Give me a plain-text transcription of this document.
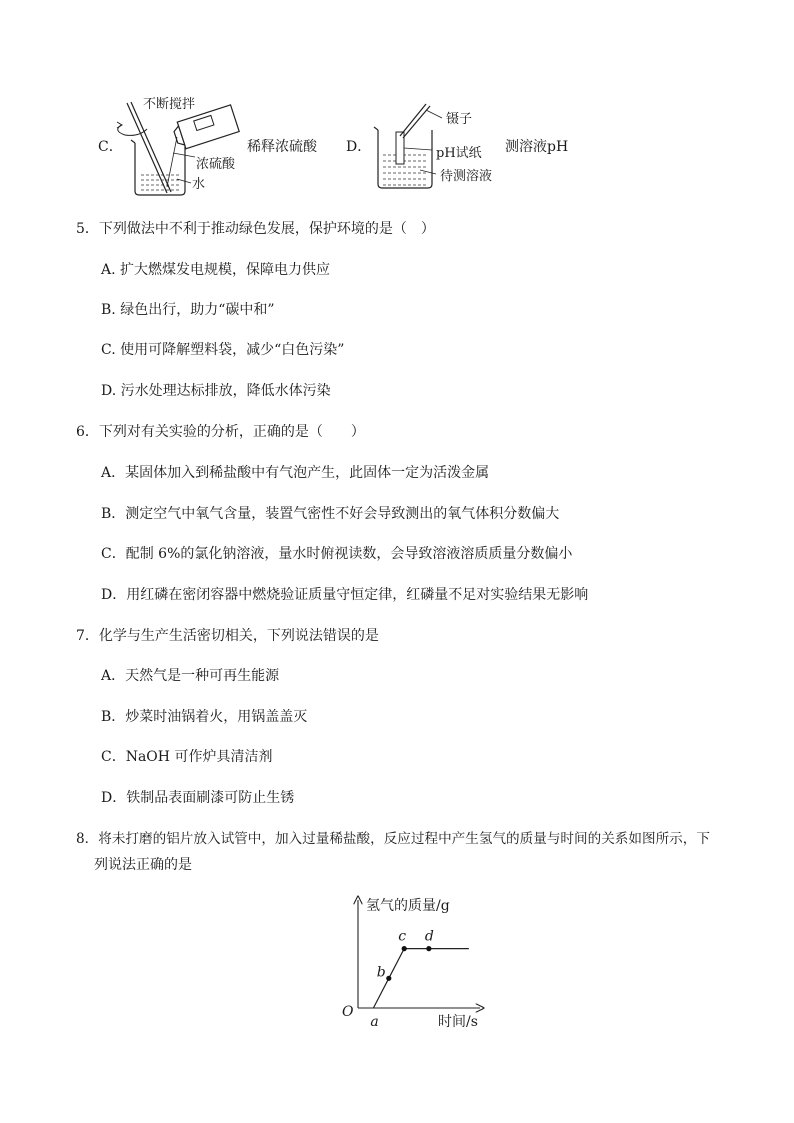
C．
不断搅拌
浓硫酸
水
稀释浓硫酸 D．
镊子
pH试纸
待测溶液
测溶液pH
5．下列做法中不利于推动绿色发展，保护环境的是（　）
A. 扩大燃煤发电规模，保障电力供应
B. 绿色出行，助力“碳中和”
C. 使用可降解塑料袋，减少“白色污染”
D. 污水处理达标排放，降低水体污染
6．下列对有关实验的分析，正确的是（　　）
A．某固体加入到稀盐酸中有气泡产生，此固体一定为活泼金属
B．测定空气中氧气含量，装置气密性不好会导致测出的氧气体积分数偏大
C．配制 6%的氯化钠溶液，量水时俯视读数，会导致溶液溶质质量分数偏小
D．用红磷在密闭容器中燃烧验证质量守恒定律，红磷量不足对实验结果无影响
7．化学与生产生活密切相关，下列说法错误的是
A．天然气是一种可再生能源
B．炒菜时油锅着火，用锅盖盖灭
C．NaOH 可作炉具清洁剂
D．铁制品表面刷漆可防止生锈
8．将未打磨的铝片放入试管中，加入过量稀盐酸，反应过程中产生氢气的质量与时间的关系如图所示，下
列说法正确的是
a
b
c d
氢气的质量/g
时间/s
O
